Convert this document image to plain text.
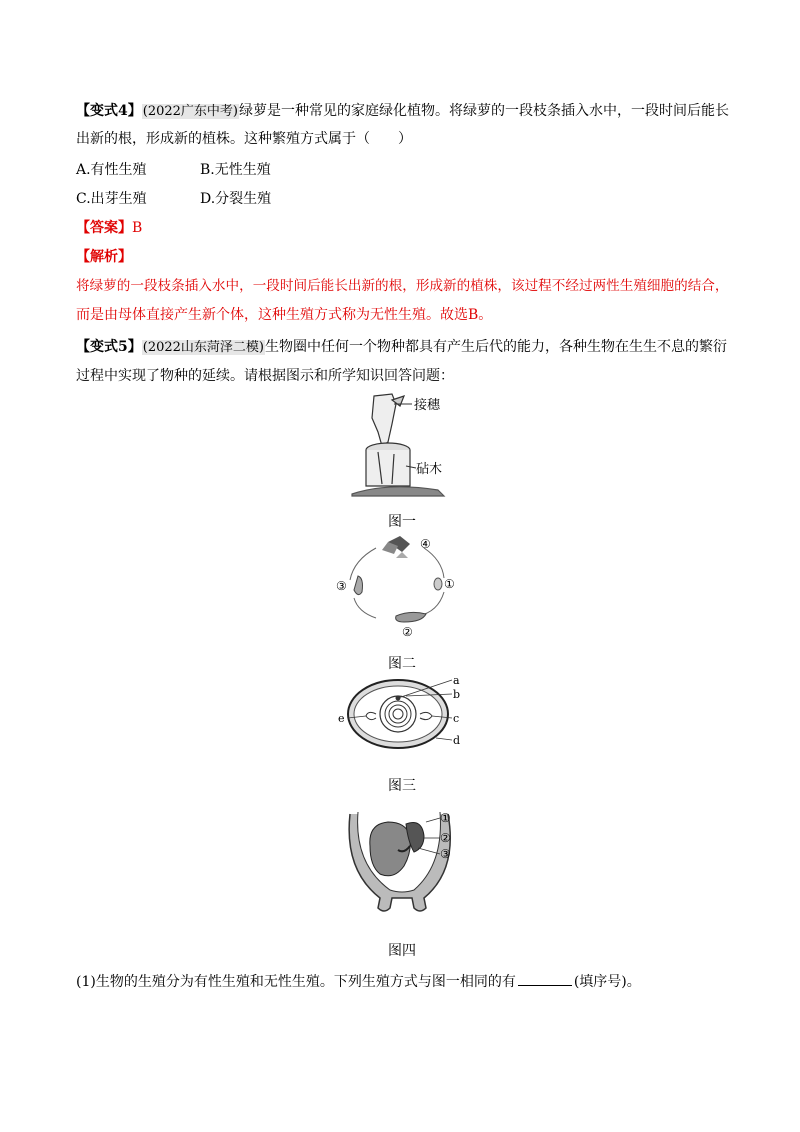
【变式4】(2022广东中考)绿萝是一种常见的家庭绿化植物。将绿萝的一段枝条插入水中，一段时间后能长
出新的根，形成新的植株。这种繁殖方式属于（　　）
A.有性生殖	B.无性生殖
C.出芽生殖	D.分裂生殖
【答案】B
【解析】
将绿萝的一段枝条插入水中，一段时间后能长出新的根，形成新的植株，该过程不经过两性生殖细胞的结合，
而是由母体直接产生新个体，这种生殖方式称为无性生殖。故选B。
【变式5】(2022山东菏泽二模)生物圈中任何一个物种都具有产生后代的能力，各种生物在生生不息的繁衍
过程中实现了物种的延续。请根据图示和所学知识回答问题：
接穗
砧木
图一
④
①
②
③
图二
a
b
c
d
e
图三
①
②
③
图四
(1)生物的生殖分为有性生殖和无性生殖。下列生殖方式与图一相同的有	(填序号)。
